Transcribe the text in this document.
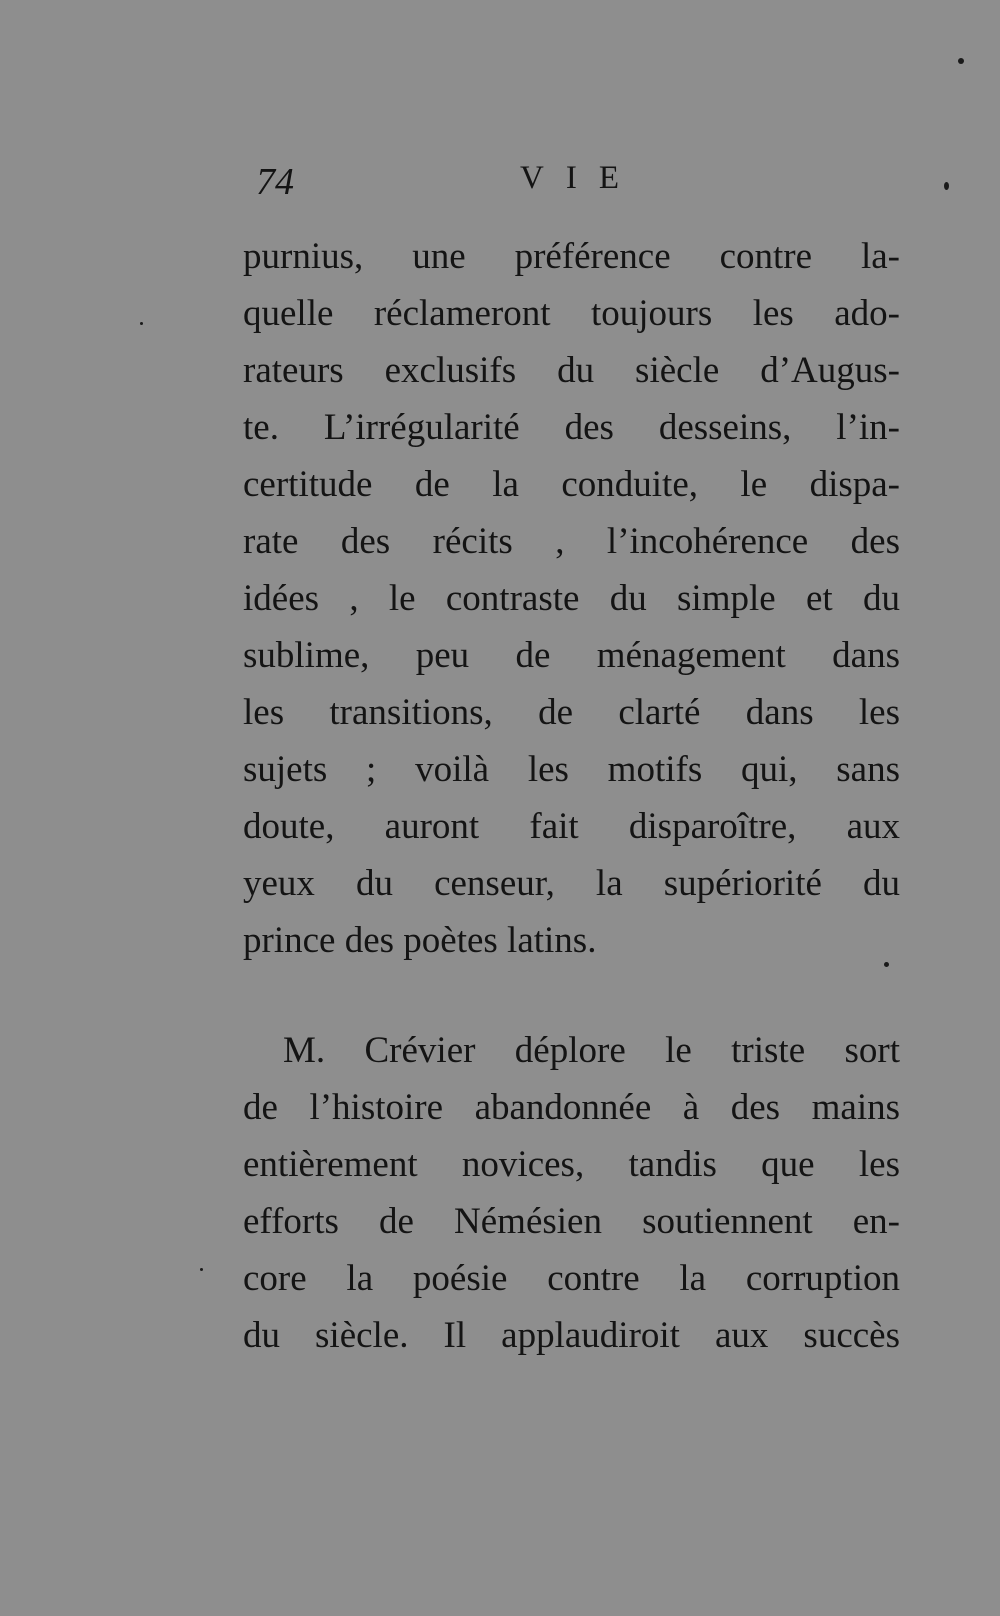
74	VIE
purnius, une préférence contre la-
quelle réclameront toujours les ado-
rateurs exclusifs du siècle d’Augus-
te. L’irrégularité des desseins, l’in-
certitude de la conduite, le dispa-
rate des récits , l’incohérence des
idées , le contraste du simple et du
sublime, peu de ménagement dans
les transitions, de clarté dans les
sujets ; voilà les motifs qui, sans
doute, auront fait disparoître, aux
yeux du censeur, la supériorité du
prince des poètes latins.
M. Crévier déplore le triste sort
de l’histoire abandonnée à des mains
entièrement novices, tandis que les
efforts de Némésien soutiennent en-
core la poésie contre la corruption
du siècle. Il applaudiroit aux succès
